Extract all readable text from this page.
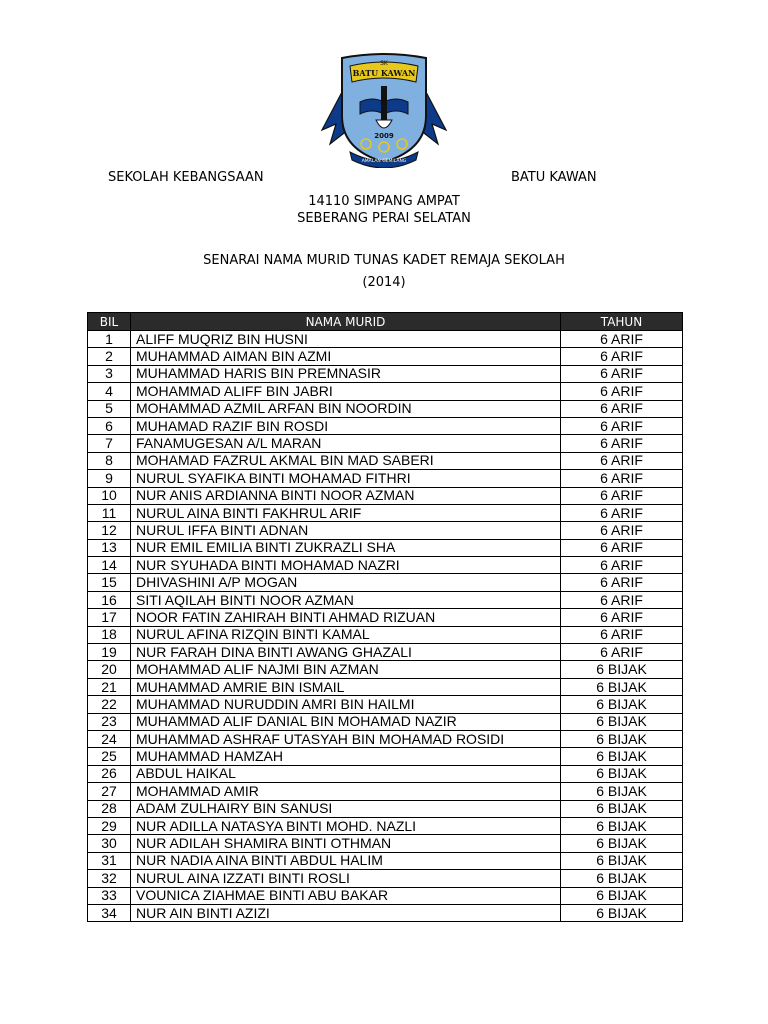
SK
BATU KAWAN
2009
AMALAN GEMILANG
SEKOLAH KEBANGSAAN	BATU KAWAN
14110 SIMPANG AMPAT
SEBERANG PERAI SELATAN
SENARAI NAMA MURID TUNAS KADET REMAJA SEKOLAH
(2014)
BIL	NAMA MURID	TAHUN
1	ALIFF MUQRIZ BIN HUSNI	6 ARIF
2	MUHAMMAD AIMAN BIN AZMI	6 ARIF
3	MUHAMMAD HARIS BIN PREMNASIR	6 ARIF
4	MOHAMMAD ALIFF BIN JABRI	6 ARIF
5	MOHAMMAD AZMIL ARFAN BIN NOORDIN	6 ARIF
6	MUHAMAD RAZIF BIN ROSDI	6 ARIF
7	FANAMUGESAN A/L MARAN	6 ARIF
8	MOHAMAD FAZRUL AKMAL BIN MAD SABERI	6 ARIF
9	NURUL SYAFIKA BINTI MOHAMAD FITHRI	6 ARIF
10	NUR ANIS ARDIANNA BINTI NOOR AZMAN	6 ARIF
11	NURUL AINA BINTI FAKHRUL ARIF	6 ARIF
12	NURUL IFFA BINTI ADNAN	6 ARIF
13	NUR EMIL EMILIA BINTI ZUKRAZLI SHA	6 ARIF
14	NUR SYUHADA BINTI MOHAMAD NAZRI	6 ARIF
15	DHIVASHINI A/P MOGAN	6 ARIF
16	SITI AQILAH BINTI NOOR AZMAN	6 ARIF
17	NOOR FATIN ZAHIRAH BINTI AHMAD RIZUAN	6 ARIF
18	NURUL AFINA RIZQIN BINTI KAMAL	6 ARIF
19	NUR FARAH DINA BINTI AWANG GHAZALI	6 ARIF
20	MOHAMMAD ALIF NAJMI BIN AZMAN	6 BIJAK
21	MUHAMMAD AMRIE BIN ISMAIL	6 BIJAK
22	MUHAMMAD NURUDDIN AMRI BIN HAILMI	6 BIJAK
23	MUHAMMAD ALIF DANIAL BIN MOHAMAD NAZIR	6 BIJAK
24	MUHAMMAD ASHRAF UTASYAH BIN MOHAMAD ROSIDI	6 BIJAK
25	MUHAMMAD HAMZAH	6 BIJAK
26	ABDUL HAIKAL	6 BIJAK
27	MOHAMMAD AMIR	6 BIJAK
28	ADAM ZULHAIRY BIN SANUSI	6 BIJAK
29	NUR ADILLA NATASYA BINTI MOHD. NAZLI	6 BIJAK
30	NUR ADILAH SHAMIRA BINTI OTHMAN	6 BIJAK
31	NUR NADIA AINA BINTI ABDUL HALIM	6 BIJAK
32	NURUL AINA IZZATI BINTI ROSLI	6 BIJAK
33	VOUNICA ZIAHMAE BINTI ABU BAKAR	6 BIJAK
34	NUR AIN BINTI AZIZI	6 BIJAK
